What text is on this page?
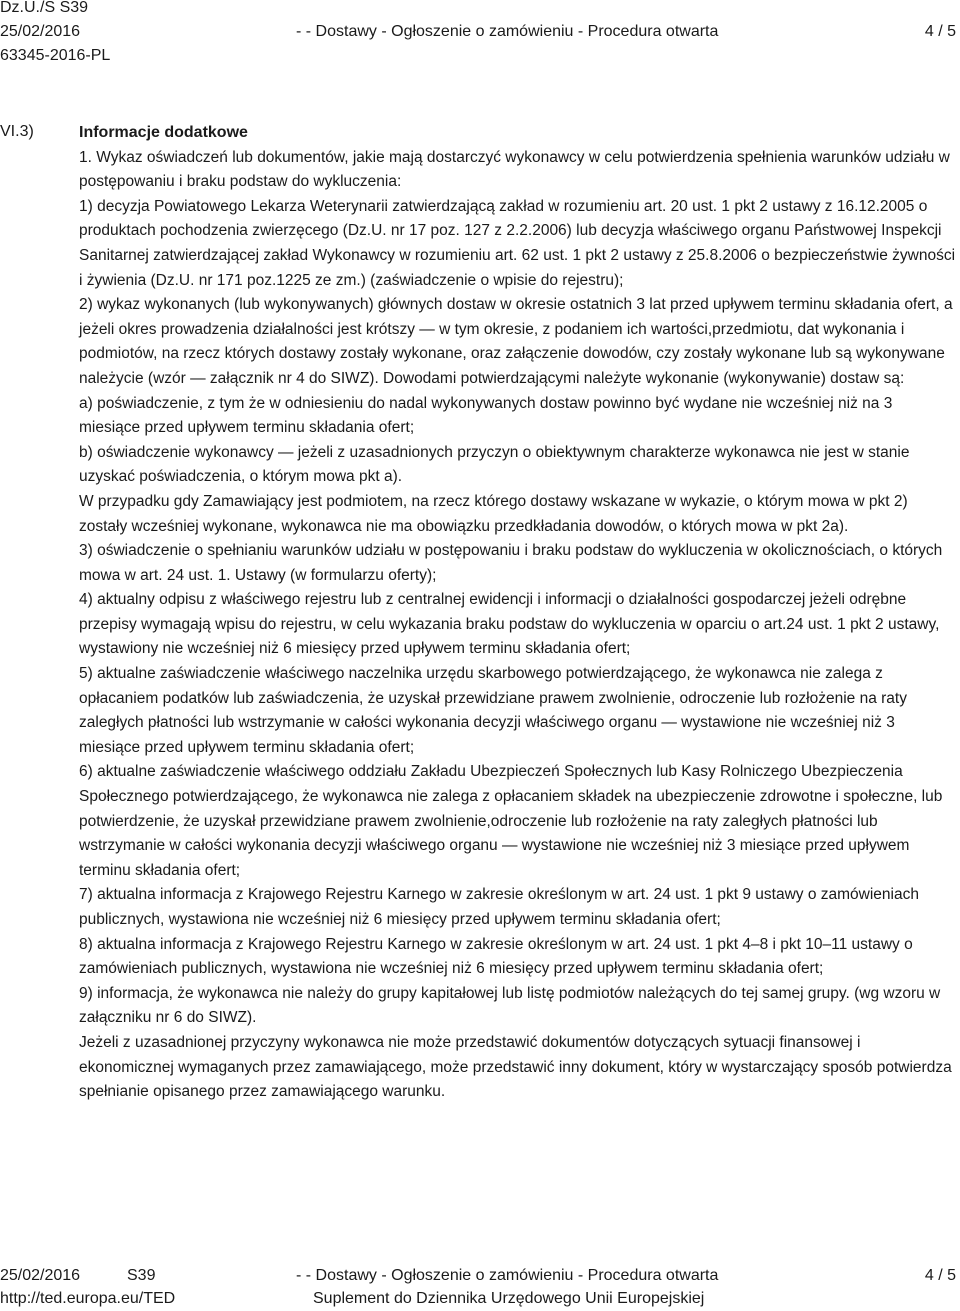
Dz.U./S S39
25/02/2016
63345-2016-PL
- - Dostawy - Ogłoszenie o zamówieniu - Procedura otwarta	4 / 5
VI.3)	Informacje dodatkowe

1. Wykaz oświadczeń lub dokumentów, jakie mają dostarczyć wykonawcy w celu potwierdzenia spełnienia warunków udziału w postępowaniu i braku podstaw do wykluczenia:

1) decyzja Powiatowego Lekarza Weterynarii zatwierdzającą zakład w rozumieniu art. 20 ust. 1 pkt 2 ustawy z 16.12.2005 o produktach pochodzenia zwierzęcego (Dz.U. nr 17 poz. 127 z 2.2.2006) lub decyzja właściwego organu Państwowej Inspekcji Sanitarnej zatwierdzającej zakład Wykonawcy w rozumieniu art. 62 ust. 1 pkt 2 ustawy z 25.8.2006 o bezpieczeństwie żywności i żywienia (Dz.U. nr 171 poz.1225 ze zm.) (zaświadczenie o wpisie do rejestru);

2) wykaz wykonanych (lub wykonywanych) głównych dostaw w okresie ostatnich 3 lat przed upływem terminu składania ofert, a jeżeli okres prowadzenia działalności jest krótszy — w tym okresie, z podaniem ich wartości,przedmiotu, dat wykonania i podmiotów, na rzecz których dostawy zostały wykonane, oraz załączenie dowodów, czy zostały wykonane lub są wykonywane należycie (wzór — załącznik nr 4 do SIWZ). Dowodami potwierdzającymi należyte wykonanie (wykonywanie) dostaw są:

a) poświadczenie, z tym że w odniesieniu do nadal wykonywanych dostaw powinno być wydane nie wcześniej niż na 3 miesiące przed upływem terminu składania ofert;

b) oświadczenie wykonawcy — jeżeli z uzasadnionych przyczyn o obiektywnym charakterze wykonawca nie jest w stanie uzyskać poświadczenia, o którym mowa pkt a).

W przypadku gdy Zamawiający jest podmiotem, na rzecz którego dostawy wskazane w wykazie, o którym mowa w pkt 2) zostały wcześniej wykonane, wykonawca nie ma obowiązku przedkładania dowodów, o których mowa w pkt 2a).

3) oświadczenie o spełnianiu warunków udziału w postępowaniu i braku podstaw do wykluczenia w okolicznościach, o których mowa w art. 24 ust. 1. Ustawy (w formularzu oferty);

4) aktualny odpisu z właściwego rejestru lub z centralnej ewidencji i informacji o działalności gospodarczej jeżeli odrębne przepisy wymagają wpisu do rejestru, w celu wykazania braku podstaw do wykluczenia w oparciu o art.24 ust. 1 pkt 2 ustawy, wystawiony nie wcześniej niż 6 miesięcy przed upływem terminu składania ofert;

5) aktualne zaświadczenie właściwego naczelnika urzędu skarbowego potwierdzającego, że wykonawca nie zalega z opłacaniem podatków lub zaświadczenia, że uzyskał przewidziane prawem zwolnienie, odroczenie lub rozłożenie na raty zaległych płatności lub wstrzymanie w całości wykonania decyzji właściwego organu — wystawione nie wcześniej niż 3 miesiące przed upływem terminu składania ofert;

6) aktualne zaświadczenie właściwego oddziału Zakładu Ubezpieczeń Społecznych lub Kasy Rolniczego Ubezpieczenia Społecznego potwierdzającego, że wykonawca nie zalega z opłacaniem składek na ubezpieczenie zdrowotne i społeczne, lub potwierdzenie, że uzyskał przewidziane prawem zwolnienie,odroczenie lub rozłożenie na raty zaległych płatności lub wstrzymanie w całości wykonania decyzji właściwego organu — wystawione nie wcześniej niż 3 miesiące przed upływem terminu składania ofert;

7) aktualna informacja z Krajowego Rejestru Karnego w zakresie określonym w art. 24 ust. 1 pkt 9 ustawy o zamówieniach publicznych, wystawiona nie wcześniej niż 6 miesięcy przed upływem terminu składania ofert;

8) aktualna informacja z Krajowego Rejestru Karnego w zakresie określonym w art. 24 ust. 1 pkt 4–8 i pkt 10–11 ustawy o zamówieniach publicznych, wystawiona nie wcześniej niż 6 miesięcy przed upływem terminu składania ofert;

9) informacja, że wykonawca nie należy do grupy kapitałowej lub listę podmiotów należących do tej samej grupy. (wg wzoru w załączniku nr 6 do SIWZ).

Jeżeli z uzasadnionej przyczyny wykonawca nie może przedstawić dokumentów dotyczących sytuacji finansowej i ekonomicznej wymaganych przez zamawiającego, może przedstawić inny dokument, który w wystarczający sposób potwierdza spełnianie opisanego przez zamawiającego warunku.

25/02/2016	S39
http://ted.europa.eu/TED
- - Dostawy - Ogłoszenie o zamówieniu - Procedura otwarta
Suplement do Dziennika Urzędowego Unii Europejskiej
4 / 5
